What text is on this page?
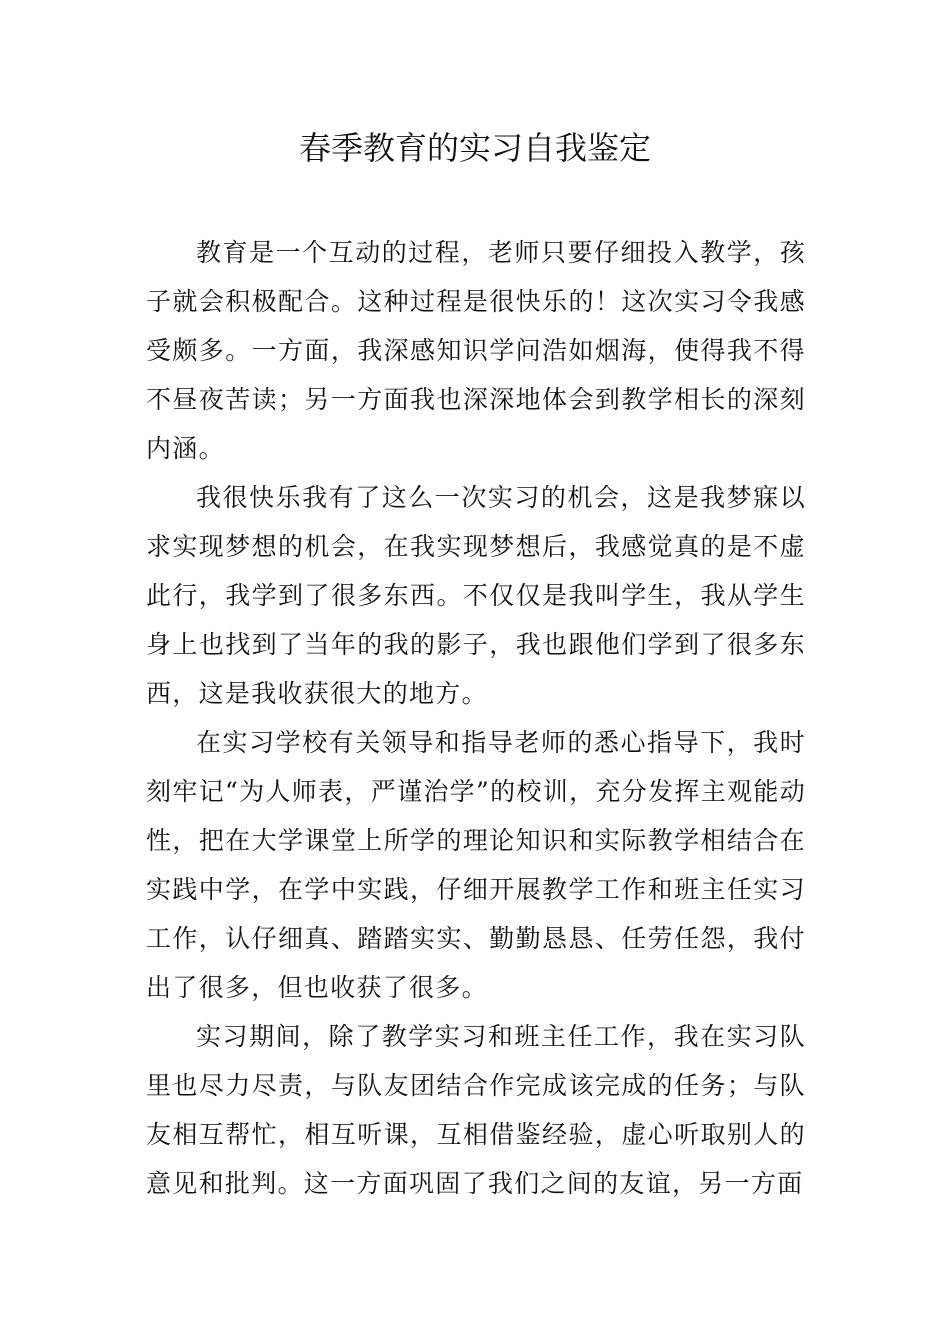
春季教育的实习自我鉴定

教育是一个互动的过程，老师只要仔细投入教学，孩子就会积极配合。这种过程是很快乐的！这次实习令我感受颇多。一方面，我深感知识学问浩如烟海，使得我不得不昼夜苦读；另一方面我也深深地体会到教学相长的深刻内涵。

我很快乐我有了这么一次实习的机会，这是我梦寐以求实现梦想的机会，在我实现梦想后，我感觉真的是不虚此行，我学到了很多东西。不仅仅是我叫学生，我从学生身上也找到了当年的我的影子，我也跟他们学到了很多东西，这是我收获很大的地方。

在实习学校有关领导和指导老师的悉心指导下，我时刻牢记“为人师表，严谨治学”的校训，充分发挥主观能动性，把在大学课堂上所学的理论知识和实际教学相结合在实践中学，在学中实践，仔细开展教学工作和班主任实习工作，认仔细真、踏踏实实、勤勤恳恳、任劳任怨，我付出了很多，但也收获了很多。

实习期间，除了教学实习和班主任工作，我在实习队里也尽力尽责，与队友团结合作完成该完成的任务；与队友相互帮忙，相互听课，互相借鉴经验，虚心听取别人的意见和批判。这一方面巩固了我们之间的友谊，另一方面
